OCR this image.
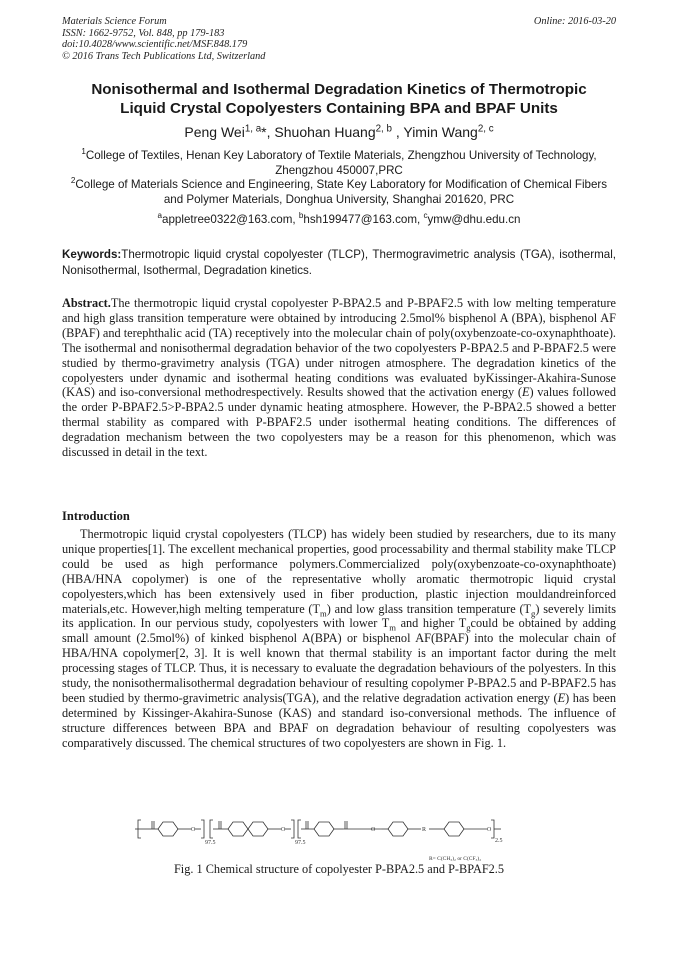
Materials Science Forum
ISSN: 1662-9752, Vol. 848, pp 179-183
doi:10.4028/www.scientific.net/MSF.848.179
© 2016 Trans Tech Publications Ltd, Switzerland
Online: 2016-03-20
Nonisothermal and Isothermal Degradation Kinetics of Thermotropic
Liquid Crystal Copolyesters Containing BPA and BPAF Units
Peng Wei$^{1, a}$*, Shuohan Huang$^{2, b}$ , Yimin Wang$^{2, c}$
$^1$College of Textiles, Henan Key Laboratory of Textile Materials, Zhengzhou University of Technology, Zhengzhou 450007,PRC
$^2$College of Materials Science and Engineering, State Key Laboratory for Modification of Chemical Fibers and Polymer Materials, Donghua University, Shanghai 201620, PRC
$^a$appletree0322@163.com, $^b$hsh199477@163.com, $^c$ymw@dhu.edu.cn
Keywords:Thermotropic liquid crystal copolyester (TLCP), Thermogravimetric analysis (TGA), isothermal, Nonisothermal, Isothermal, Degradation kinetics.
Abstract.The thermotropic liquid crystal copolyester P-BPA2.5 and P-BPAF2.5 with low melting temperature and high glass transition temperature were obtained by introducing 2.5mol% bisphenol A (BPA), bisphenol AF (BPAF) and terephthalic acid (TA) receptively into the molecular chain of poly(oxybenzoate-co-oxynaphthoate). The isothermal and nonisothermal degradation behavior of the two copolyesters P-BPA2.5 and P-BPAF2.5 were studied by thermo-gravimetry analysis (TGA) under nitrogen atmosphere. The degradation kinetics of the copolyesters under dynamic and isothermal heating conditions was evaluated byKissinger-Akahira-Sunose (KAS) and iso-conversional methodrespectively. Results showed that the activation energy (E) values followed the order P-BPAF2.5>P-BPA2.5 under dynamic heating atmosphere. However, the P-BPA2.5 showed a better thermal stability as compared with P-BPAF2.5 under isothermal heating conditions. The differences of degradation mechanism between the two copolyesters may be a reason for this phenomenon, which was discussed in detail in the text.
Introduction
Thermotropic liquid crystal copolyesters (TLCP) has widely been studied by researchers, due to its many unique properties[1]. The excellent mechanical properties, good processability and thermal stability make TLCP could be used as high performance polymers.Commercialized poly(oxybenzoate-co-oxynaphthoate) (HBA/HNA copolymer) is one of the representative wholly aromatic thermotropic liquid crystal copolyesters,which has been extensively used in fiber production, plastic injection mouldandreinforced materials,etc. However,high melting temperature $(T_m)$ and low glass transition temperature $(T_g)$ severely limits its application. In our pervious study, copolyesters with lower $T_m$ and higher $T_gcould$ be obtained by adding small amount (2.5mol%) of kinked bisphenol A(BPA) or bisphenol AF(BPAF) into the molecular chain of HBA/HNA copolymer[2, 3]. It is well known that thermal stability is an important factor during the melt processing stages of TLCP. Thus, it is necessary to evaluate the degradation behaviours of the polyesters. In this study, the nonisothermalisothermal degradation behaviour of resulting copolymer P-BPA2.5 and P-BPAF2.5 has been studied by thermo-gravimetric analysis(TGA), and the relative degradation activation energy (E) has been determined by Kissinger-Akahira-Sunose (KAS) and standard iso-conversional methods. The influence of structure differences between BPA and BPAF on degradation behaviour of resulting copolyesters was comparatively discussed. The chemical structures of two copolyesters are shown in Fig. 1.
O	O	O	O
R
97.5	97.5	2.5
R= C(CH₃)₂ or C(CF₃)₂
Fig. 1 Chemical structure of copolyester P-BPA2.5 and P-BPAF2.5
